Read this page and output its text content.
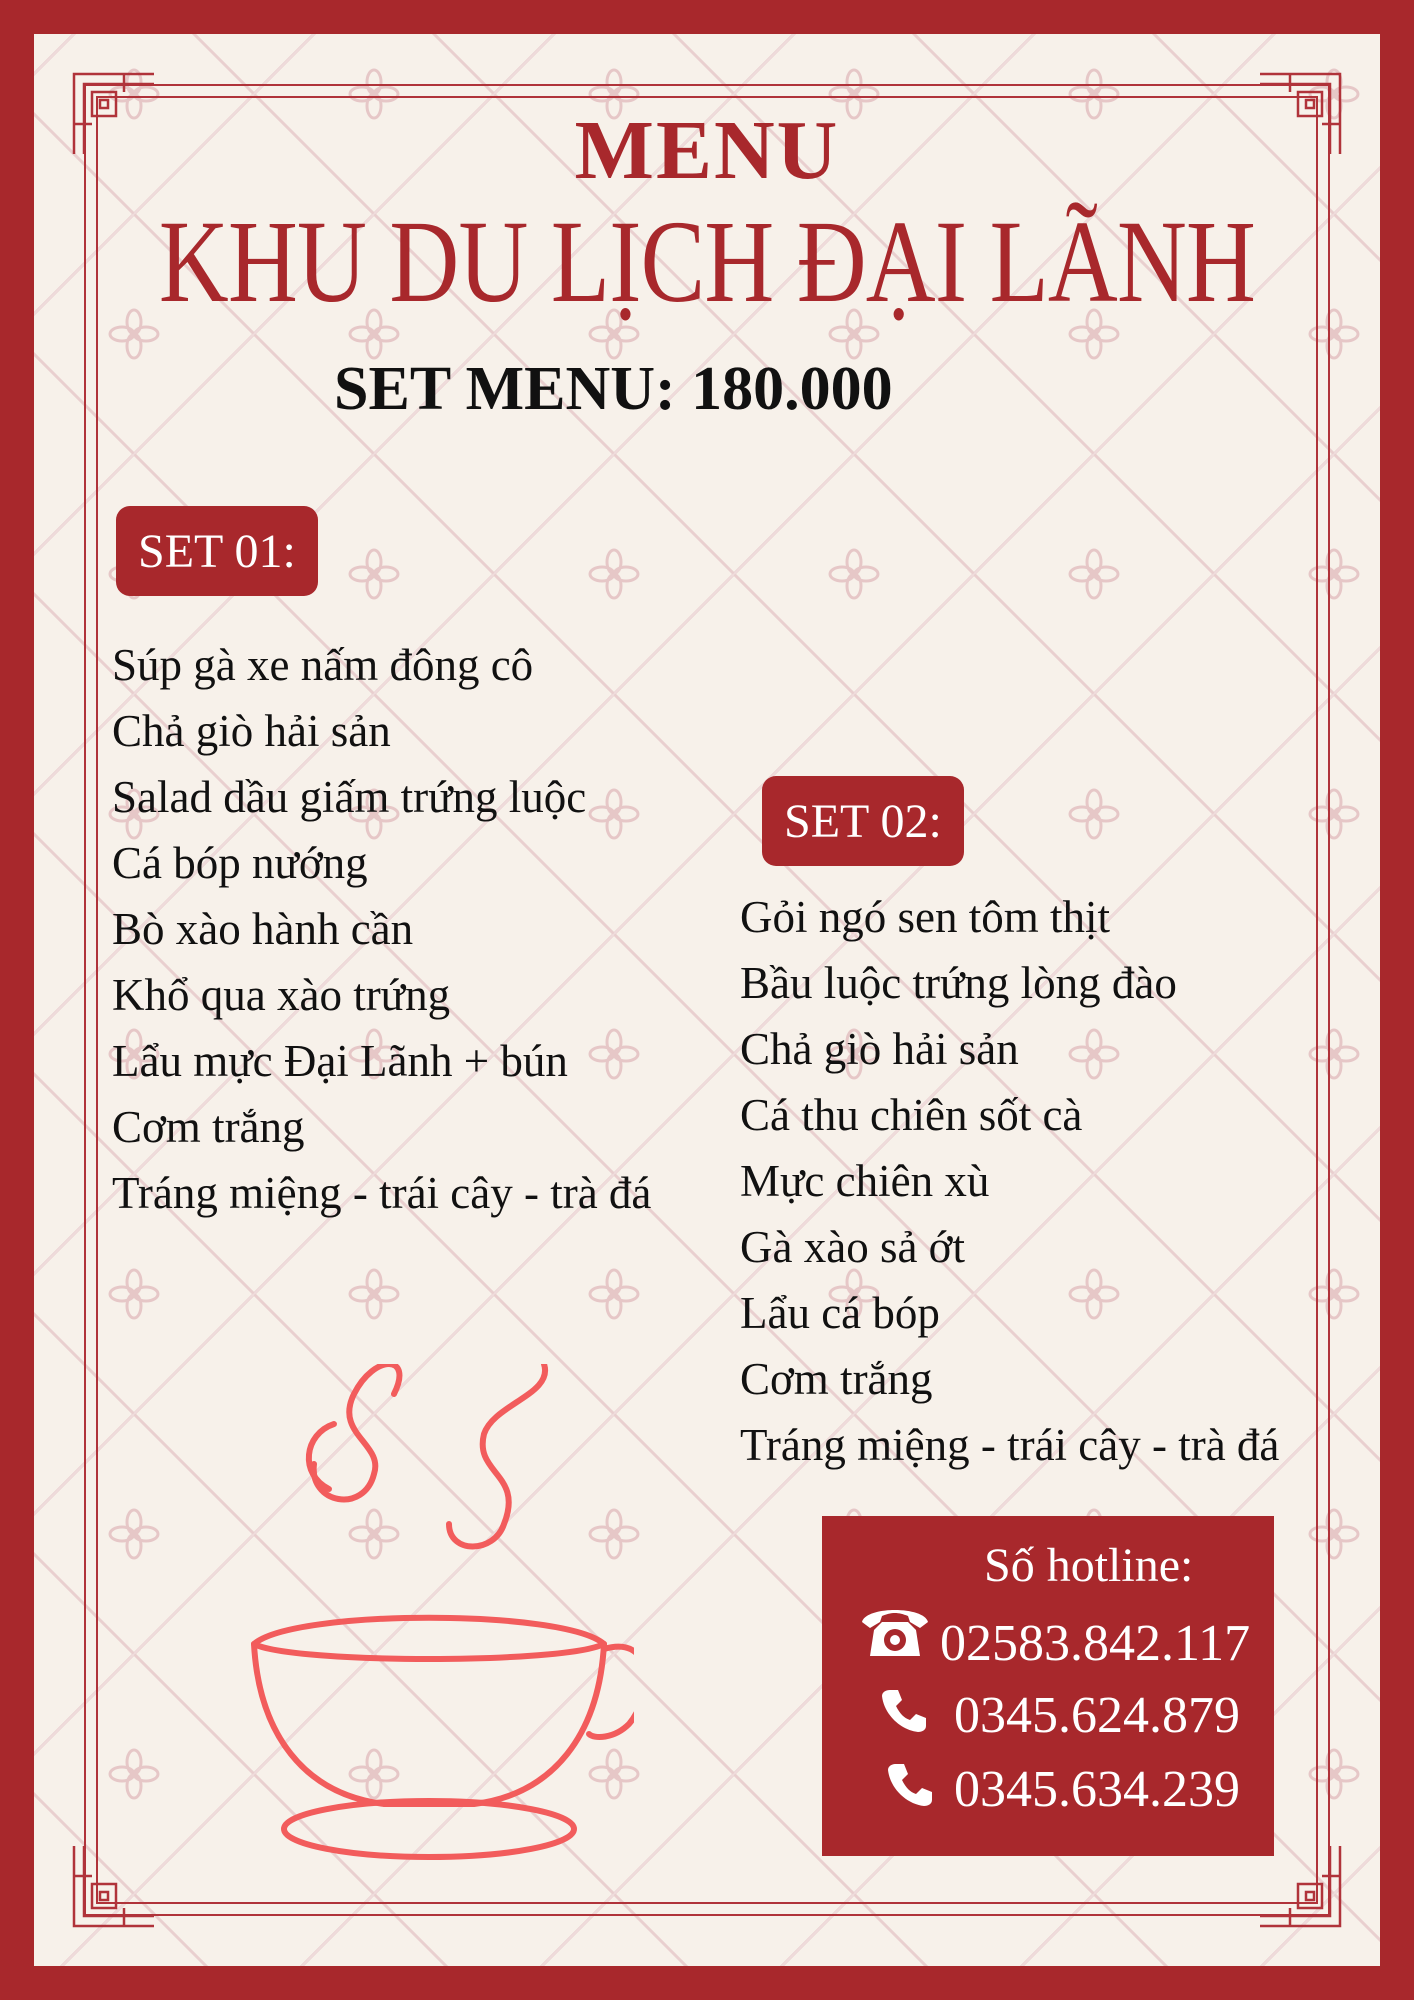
MENU
KHU DU LỊCH ĐẠI LÃNH
SET MENU: 180.000
SET 01:
Súp gà xe nấm đông cô
Chả giò hải sản
Salad dầu giấm trứng luộc
Cá bóp nướng
Bò xào hành cần
Khổ qua xào trứng
Lẩu mực Đại Lãnh + bún
Cơm trắng
Tráng miệng - trái cây - trà đá
SET 02:
Gỏi ngó sen tôm thịt
Bầu luộc trứng lòng đào
Chả giò hải sản
Cá thu chiên sốt cà
Mực chiên xù
Gà xào sả ớt
Lẩu cá bóp
Cơm trắng
Tráng miệng - trái cây - trà đá
Số hotline:
02583.842.117
0345.624.879
0345.634.239
